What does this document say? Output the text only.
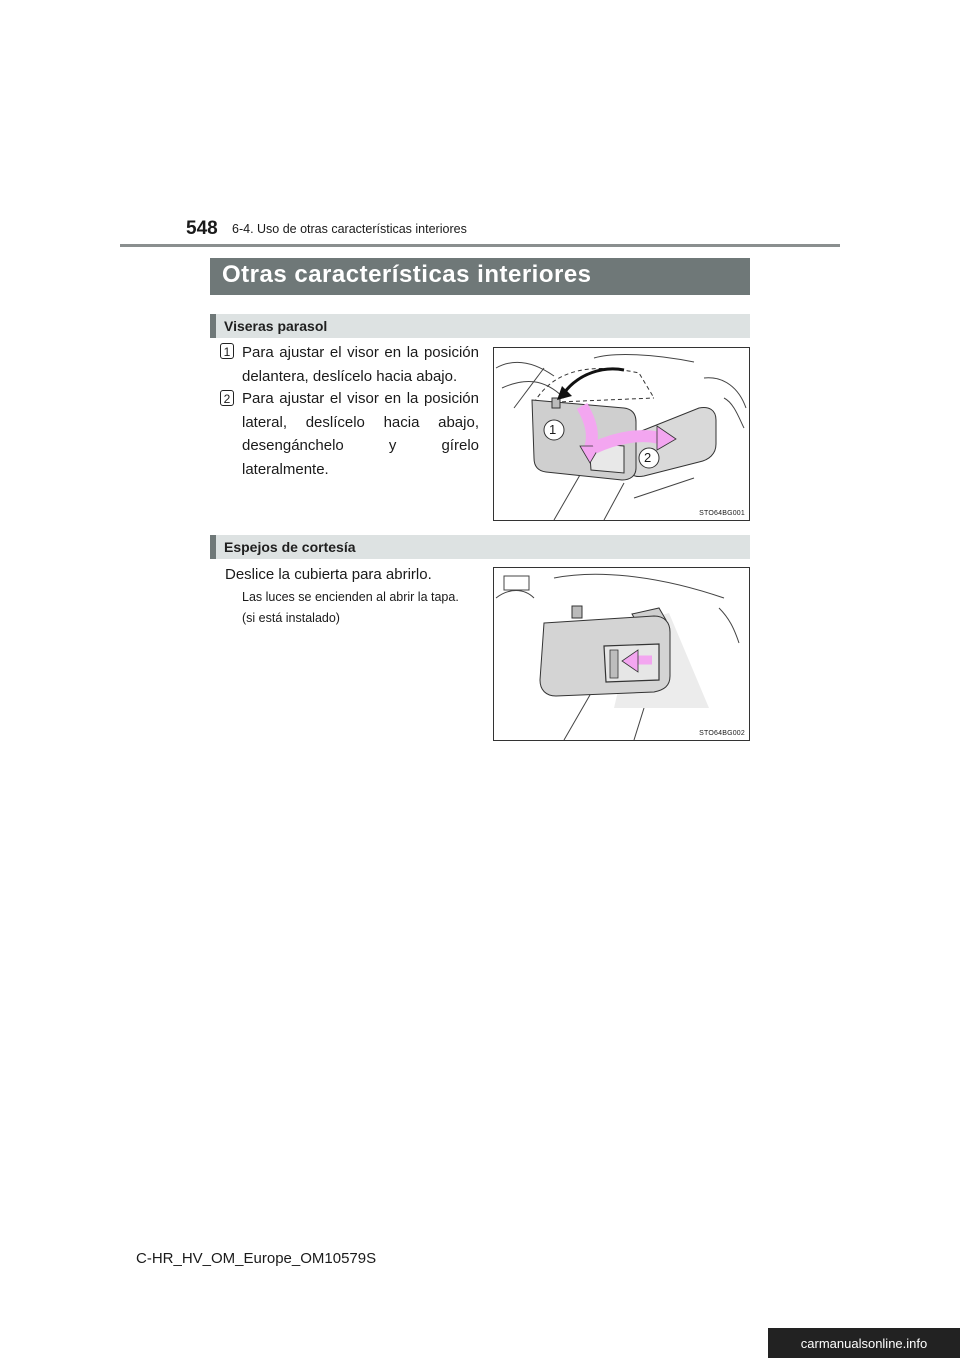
548 6-4. Uso de otras características interiores
Otras características interiores
Viseras parasol
1 Para ajustar el visor en la posición delantera, deslícelo hacia abajo.
2 Para ajustar el visor en la posición lateral, deslícelo hacia abajo, desengánchelo y gírelo lateralmente.
1
2
STO64BG001
Espejos de cortesía
Deslice la cubierta para abrirlo.
Las luces se encienden al abrir la tapa.
(si está instalado)
STO64BG002
C-HR_HV_OM_Europe_OM10579S
carmanualsonline.info
